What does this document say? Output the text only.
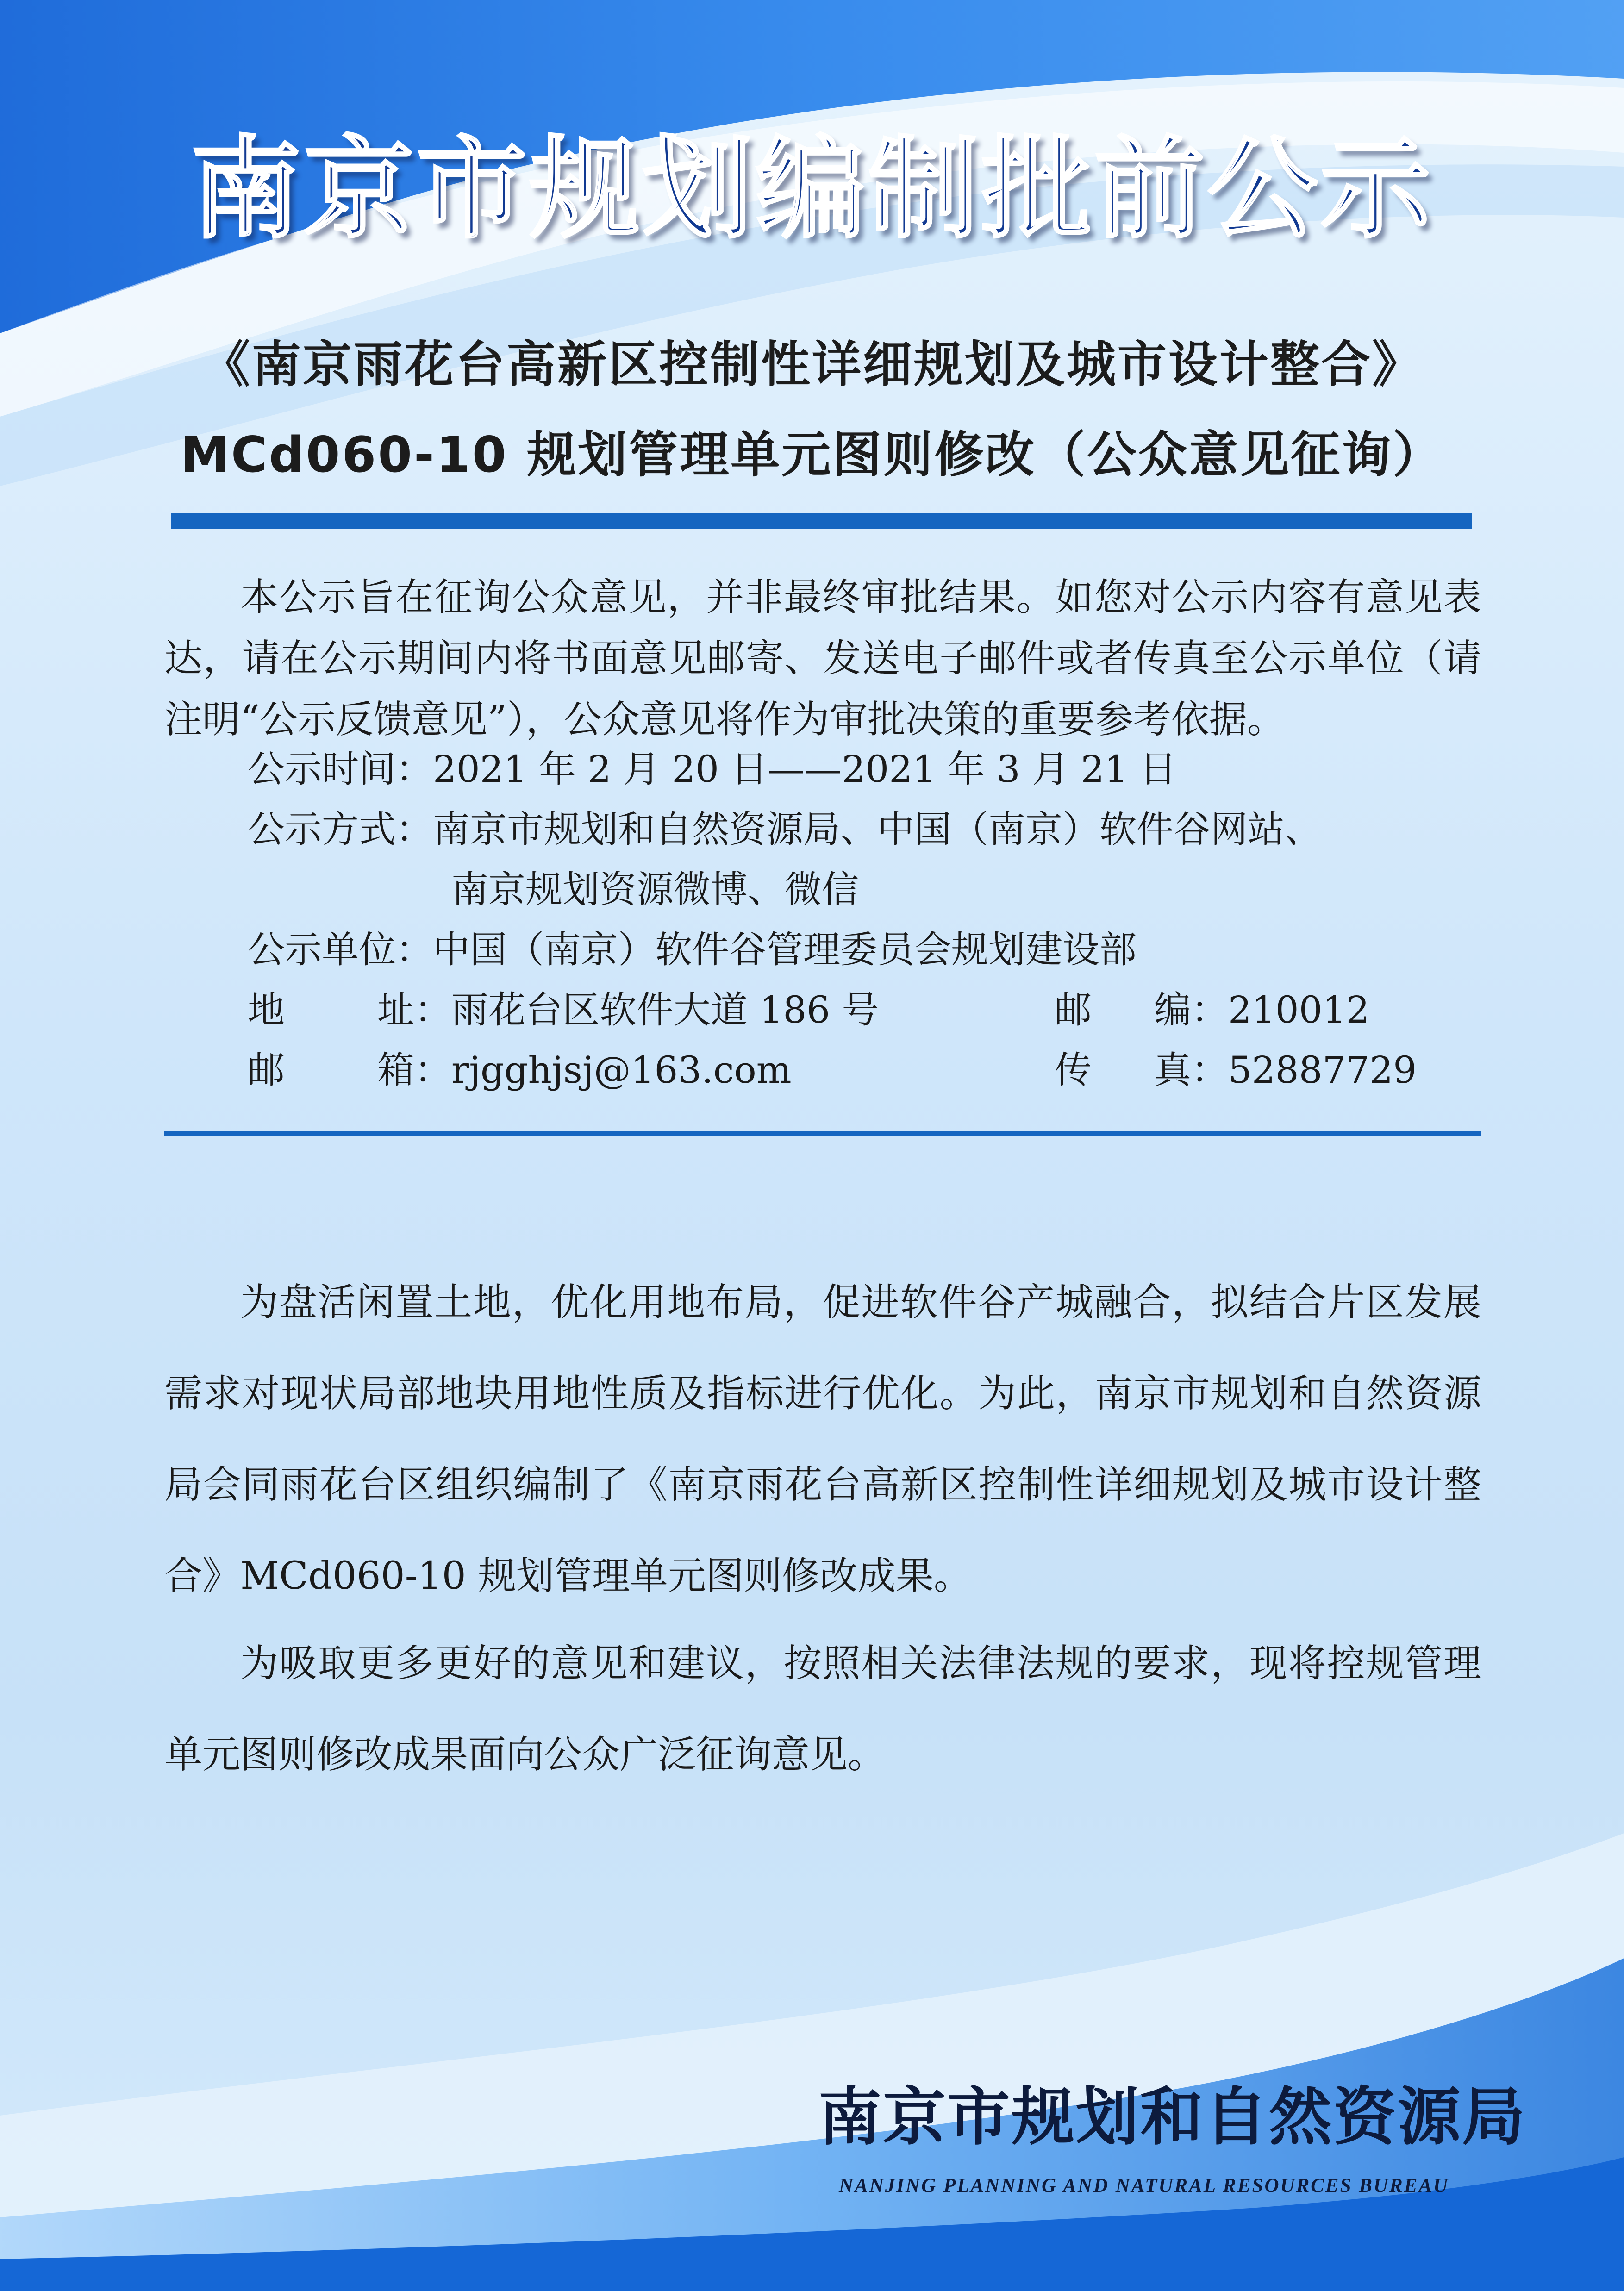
南京市规划编制批前公示
《南京雨花台高新区控制性详细规划及城市设计整合》
MCd060-10 规划管理单元图则修改（公众意见征询）

本公示旨在征询公众意见，并非最终审批结果。如您对公示内容有意见表达，请在公示期间内将书面意见邮寄、发送电子邮件或者传真至公示单位（请注明“公示反馈意见”），公众意见将作为审批决策的重要参考依据。

公示时间：2021 年 2 月 20 日——2021 年 3 月 21 日
公示方式：南京市规划和自然资源局、中国（南京）软件谷网站、
南京规划资源微博、微信
公示单位：中国（南京）软件谷管理委员会规划建设部
地	址：雨花台区软件大道 186 号	邮 编：210012
邮	箱：rjgghjsj@163.com	传 真：52887729

为盘活闲置土地，优化用地布局，促进软件谷产城融合，拟结合片区发展需求对现状局部地块用地性质及指标进行优化。为此，南京市规划和自然资源局会同雨花台区组织编制了《南京雨花台高新区控制性详细规划及城市设计整合》MCd060-10 规划管理单元图则修改成果。

为吸取更多更好的意见和建议，按照相关法律法规的要求，现将控规管理单元图则修改成果面向公众广泛征询意见。

南京市规划和自然资源局
NANJING PLANNING AND NATURAL RESOURCES BUREAU
